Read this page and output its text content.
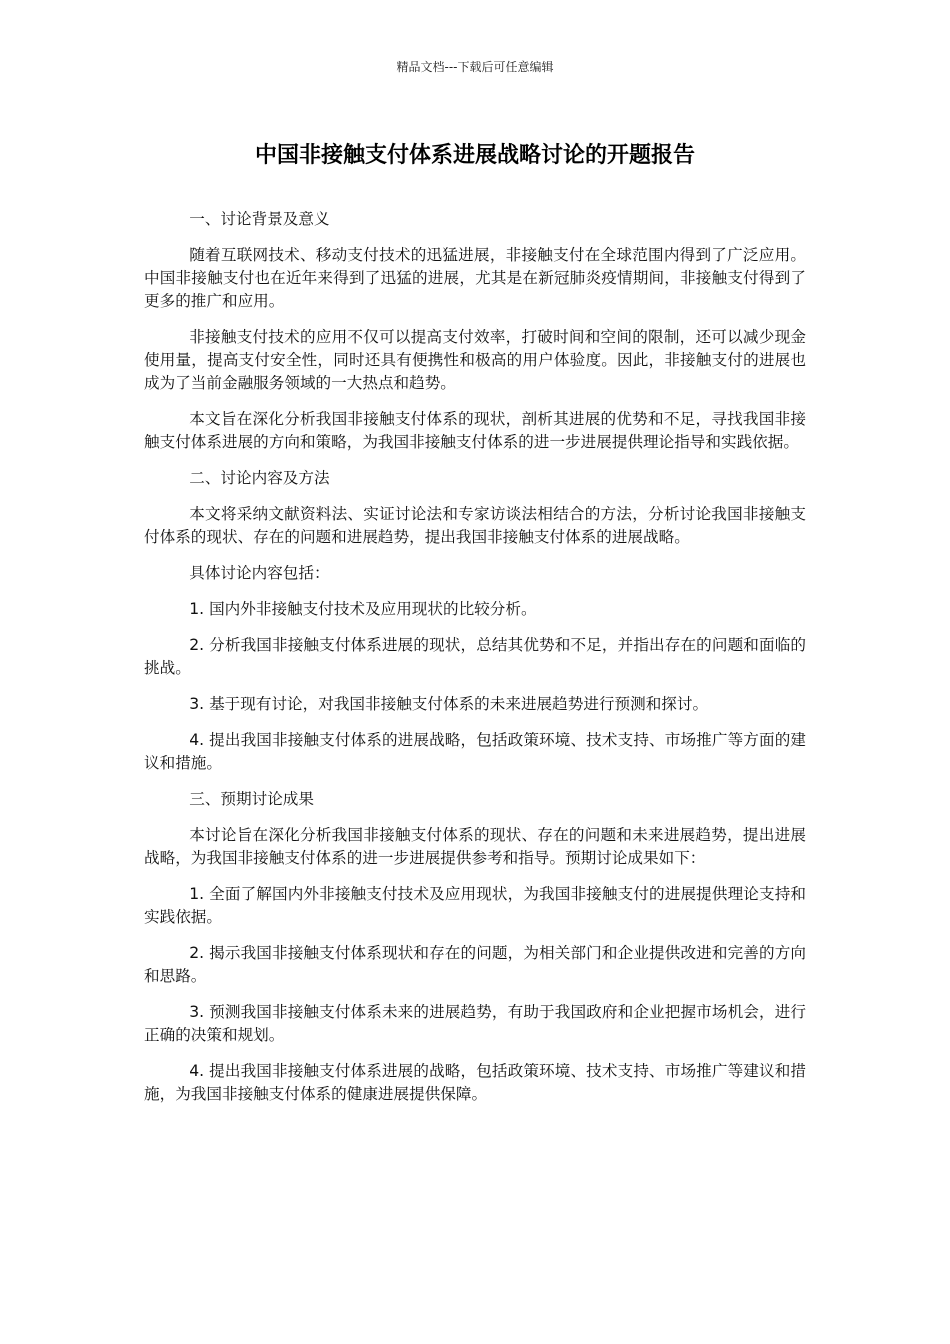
精品文档---下载后可任意编辑
中国非接触支付体系进展战略讨论的开题报告

一、讨论背景及意义

随着互联网技术、移动支付技术的迅猛进展，非接触支付在全球范围内得到了广泛应用。中国非接触支付也在近年来得到了迅猛的进展，尤其是在新冠肺炎疫情期间，非接触支付得到了更多的推广和应用。

非接触支付技术的应用不仅可以提高支付效率，打破时间和空间的限制，还可以减少现金使用量，提高支付安全性，同时还具有便携性和极高的用户体验度。因此，非接触支付的进展也成为了当前金融服务领域的一大热点和趋势。

本文旨在深化分析我国非接触支付体系的现状，剖析其进展的优势和不足，寻找我国非接触支付体系进展的方向和策略，为我国非接触支付体系的进一步进展提供理论指导和实践依据。

二、讨论内容及方法

本文将采纳文献资料法、实证讨论法和专家访谈法相结合的方法，分析讨论我国非接触支付体系的现状、存在的问题和进展趋势，提出我国非接触支付体系的进展战略。

具体讨论内容包括：

1. 国内外非接触支付技术及应用现状的比较分析。

2. 分析我国非接触支付体系进展的现状，总结其优势和不足，并指出存在的问题和面临的挑战。

3. 基于现有讨论，对我国非接触支付体系的未来进展趋势进行预测和探讨。

4. 提出我国非接触支付体系的进展战略，包括政策环境、技术支持、市场推广等方面的建议和措施。

三、预期讨论成果

本讨论旨在深化分析我国非接触支付体系的现状、存在的问题和未来进展趋势，提出进展战略，为我国非接触支付体系的进一步进展提供参考和指导。预期讨论成果如下：

1. 全面了解国内外非接触支付技术及应用现状，为我国非接触支付的进展提供理论支持和实践依据。

2. 揭示我国非接触支付体系现状和存在的问题，为相关部门和企业提供改进和完善的方向和思路。

3. 预测我国非接触支付体系未来的进展趋势，有助于我国政府和企业把握市场机会，进行正确的决策和规划。

4. 提出我国非接触支付体系进展的战略，包括政策环境、技术支持、市场推广等建议和措施，为我国非接触支付体系的健康进展提供保障。
